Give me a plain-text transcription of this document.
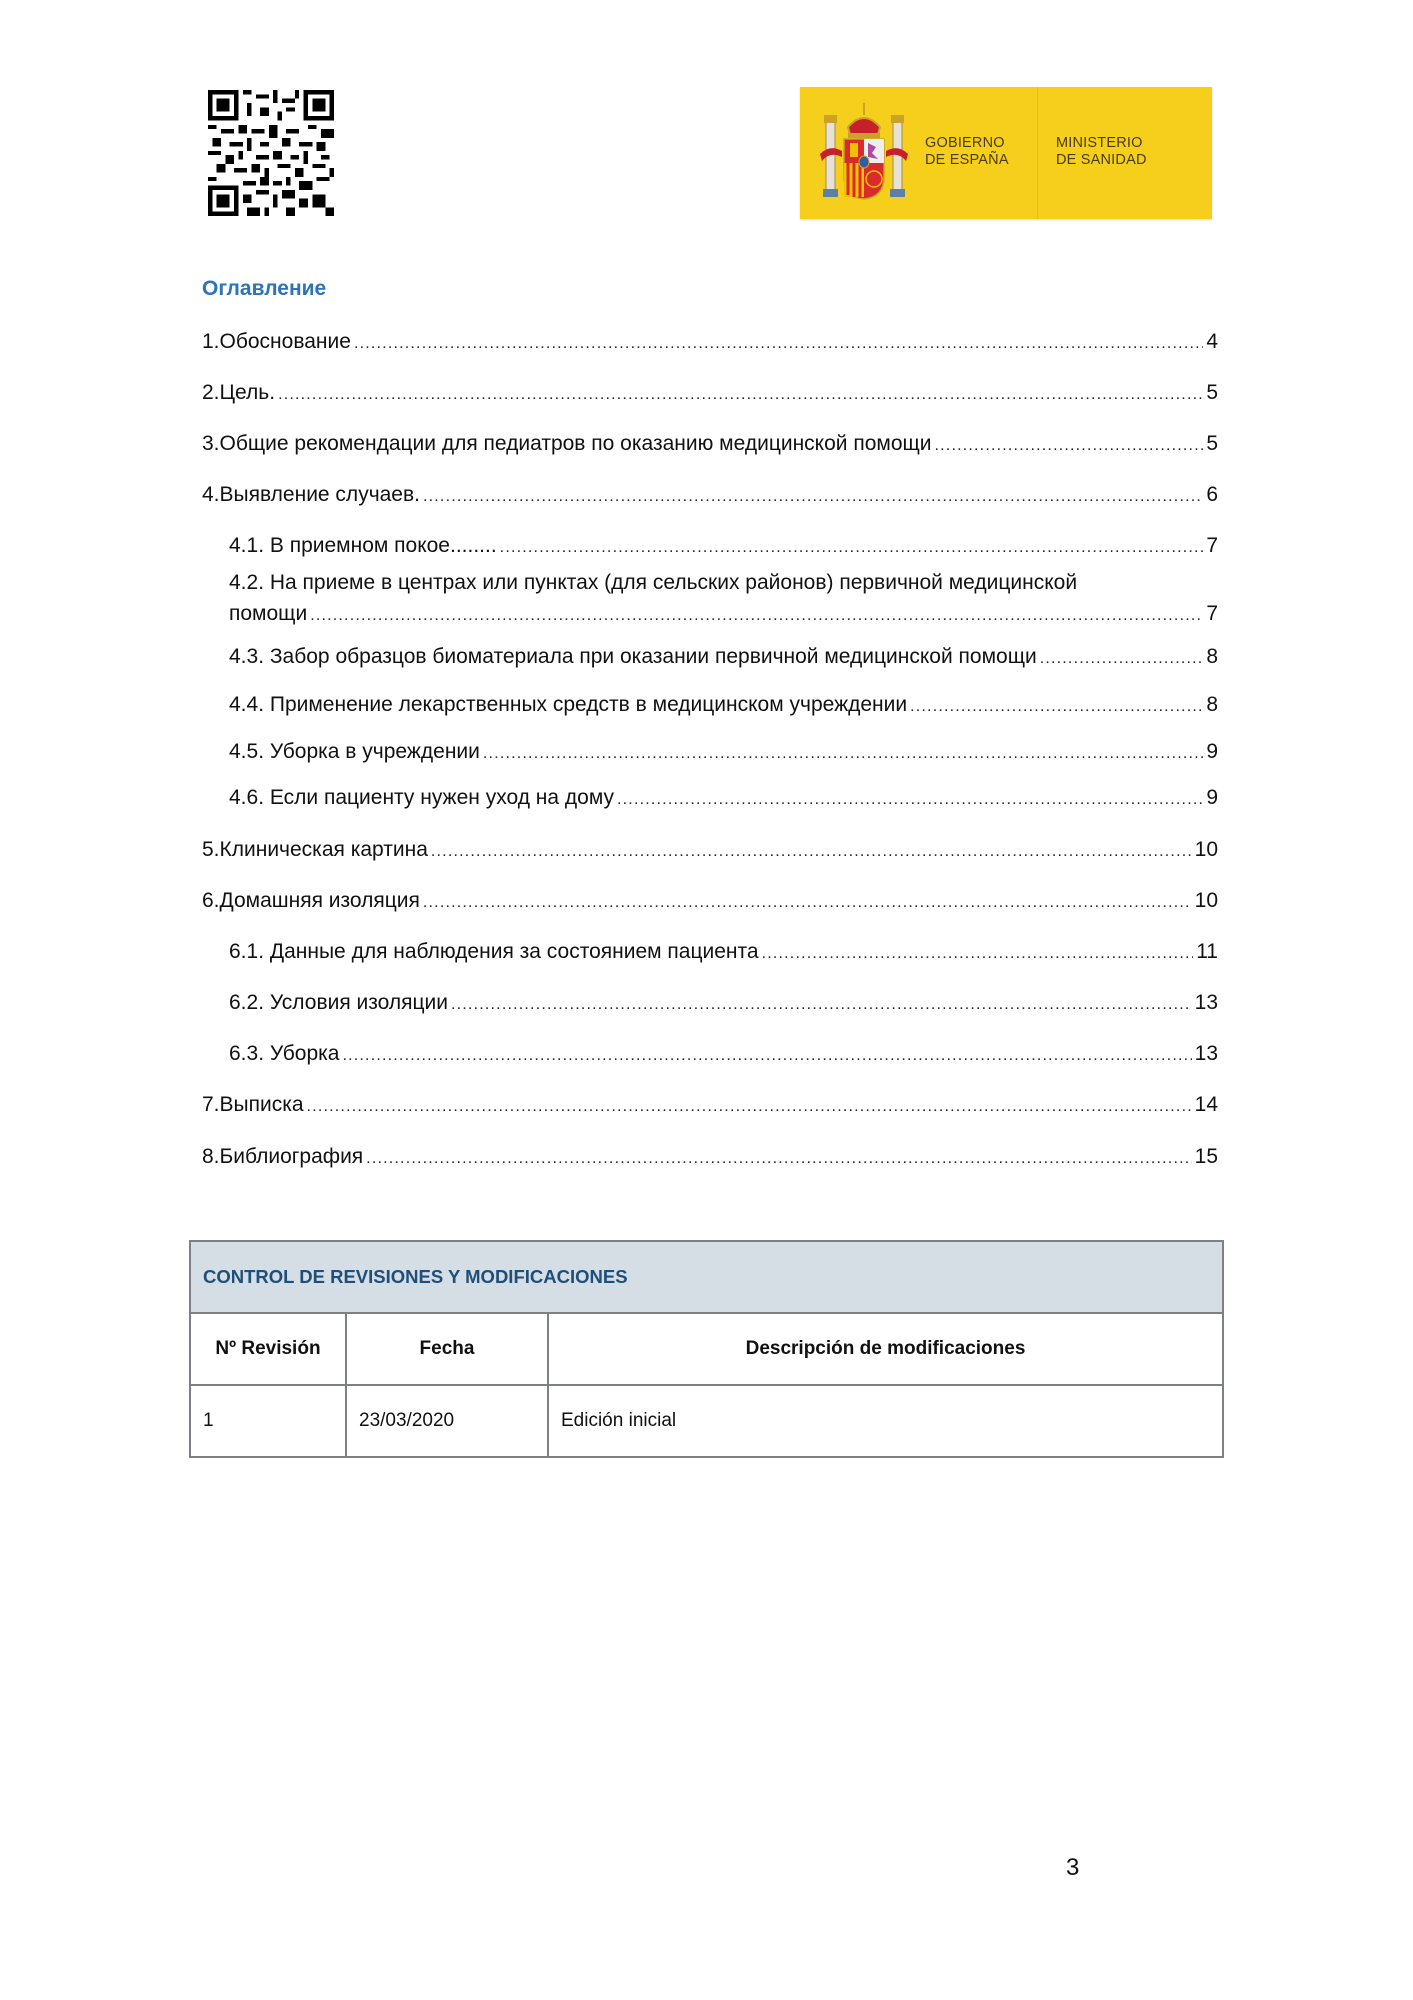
GOBIERNO
DE ESPAÑA
MINISTERIO
DE SANIDAD
Оглавление
1.Обоснование .....	4
2.Цель. .....	5
3.Общие рекомендации для педиатров по оказанию медицинской помощи .....	5
4.Выявление случаев. .....	6
4.1. В приемном покое........ .....	7
4.2. На приеме в центрах или пунктах (для сельских районов) первичной медицинской
помощи .....	7
4.3. Забор образцов биоматериала при оказании первичной медицинской помощи .....	8
4.4. Применение лекарственных средств в медицинском учреждении .....	8
4.5. Уборка в учреждении .....	9
4.6. Если пациенту нужен уход на дому .....	9
5.Клиническая картина .....	10
6.Домашняя изоляция .....	10
6.1. Данные для наблюдения за состоянием пациента .....	11
6.2. Условия изоляции .....	13
6.3. Уборка .....	13
7.Выписка .....	14
8.Библиография .....	15
CONTROL DE REVISIONES Y MODIFICACIONES		
Nº Revisión	Fecha	Descripción de modificaciones
1	23/03/2020	Edición inicial
3
